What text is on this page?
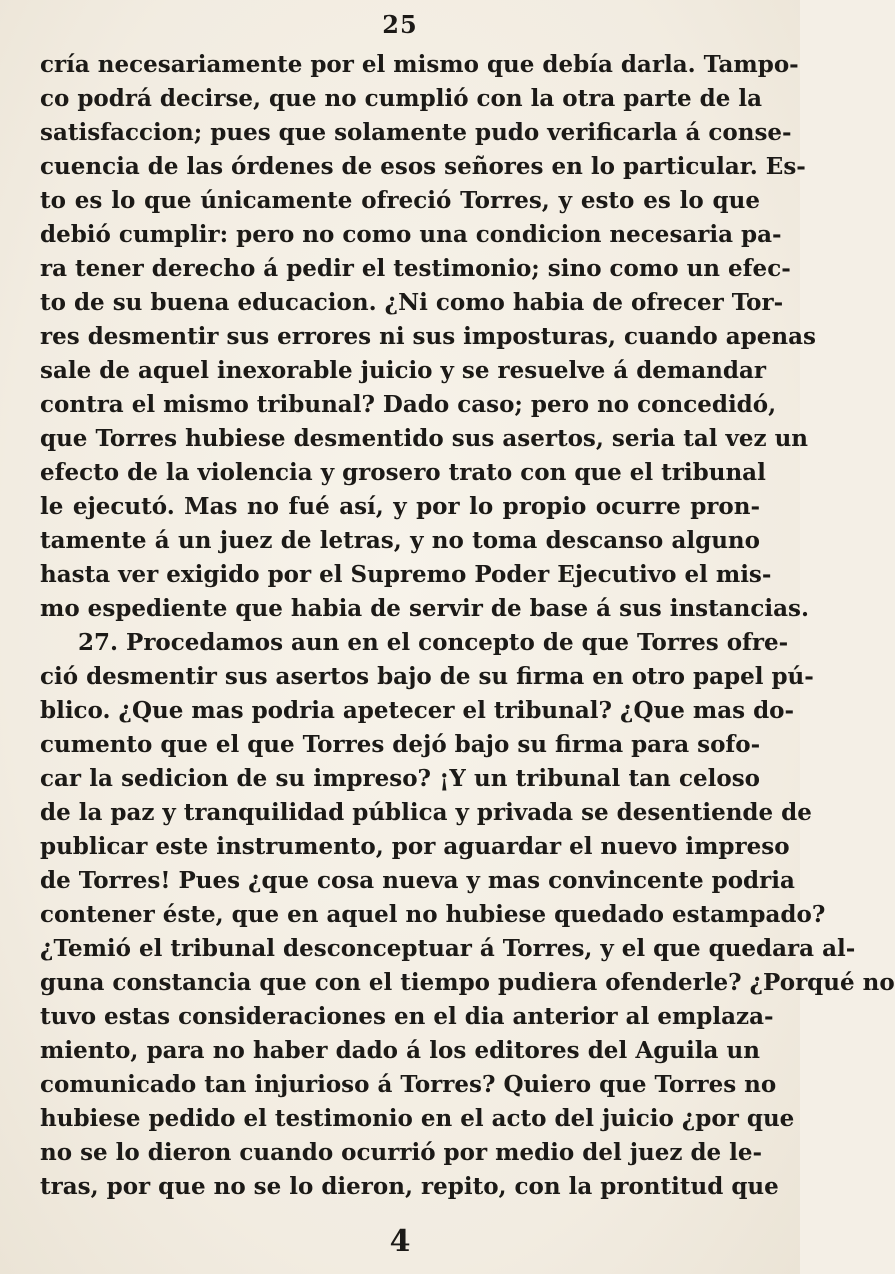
25
cría necesariamente por el mismo que debía darla. Tampo-
co podrá decirse, que no cumplió con la otra parte de la
satisfaccion; pues que solamente pudo verificarla á conse-
cuencia de las órdenes de esos señores en lo particular. Es-
to es lo que únicamente ofreció Torres, y esto es lo que
debió cumplir: pero no como una condicion necesaria pa-
ra tener derecho á pedir el testimonio; sino como un efec-
to de su buena educacion. ¿Ni como habia de ofrecer Tor-
res desmentir sus errores ni sus imposturas, cuando apenas
sale de aquel inexorable juicio y se resuelve á demandar
contra el mismo tribunal? Dado caso; pero no concedidó,
que Torres hubiese desmentido sus asertos, seria tal vez un
efecto de la violencia y grosero trato con que el tribunal
le ejecutó. Mas no fué así, y por lo propio ocurre pron-
tamente á un juez de letras, y no toma descanso alguno
hasta ver exigido por el Supremo Poder Ejecutivo el mis-
mo espediente que habia de servir de base á sus instancias.
27. Procedamos aun en el concepto de que Torres ofre-
ció desmentir sus asertos bajo de su firma en otro papel pú-
blico. ¿Que mas podria apetecer el tribunal? ¿Que mas do-
cumento que el que Torres dejó bajo su firma para sofo-
car la sedicion de su impreso? ¡Y un tribunal tan celoso
de la paz y tranquilidad pública y privada se desentiende de
publicar este instrumento, por aguardar el nuevo impreso
de Torres! Pues ¿que cosa nueva y mas convincente podria
contener éste, que en aquel no hubiese quedado estampado?
¿Temió el tribunal desconceptuar á Torres, y el que quedara al-
guna constancia que con el tiempo pudiera ofenderle? ¿Porqué no
tuvo estas consideraciones en el dia anterior al emplaza-
miento, para no haber dado á los editores del Aguila un
comunicado tan injurioso á Torres? Quiero que Torres no
hubiese pedido el testimonio en el acto del juicio ¿por que
no se lo dieron cuando ocurrió por medio del juez de le-
tras, por que no se lo dieron, repito, con la prontitud que
4
